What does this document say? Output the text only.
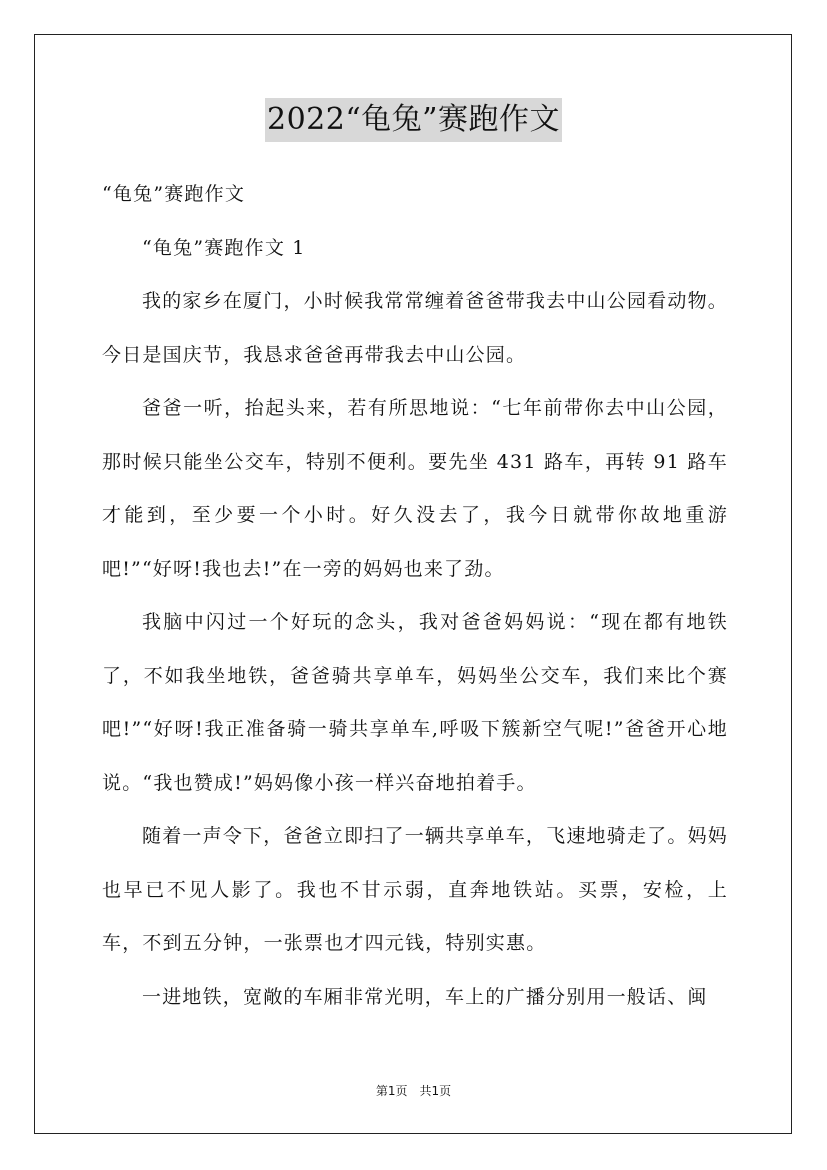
2022“龟兔”赛跑作文

“龟兔”赛跑作文

“龟兔”赛跑作文 1

我的家乡在厦门，小时候我常常缠着爸爸带我去中山公园看动物。今日是国庆节，我恳求爸爸再带我去中山公园。

爸爸一听，抬起头来，若有所思地说：“七年前带你去中山公园，那时候只能坐公交车，特别不便利。要先坐 431 路车，再转 91 路车才能到，至少要一个小时。好久没去了，我今日就带你故地重游吧!”“好呀!我也去!”在一旁的妈妈也来了劲。

我脑中闪过一个好玩的念头，我对爸爸妈妈说：“现在都有地铁了，不如我坐地铁，爸爸骑共享单车，妈妈坐公交车，我们来比个赛吧!”“好呀!我正准备骑一骑共享单车,呼吸下簇新空气呢!”爸爸开心地说。“我也赞成!”妈妈像小孩一样兴奋地拍着手。

随着一声令下，爸爸立即扫了一辆共享单车，飞速地骑走了。妈妈也早已不见人影了。我也不甘示弱，直奔地铁站。买票，安检，上车，不到五分钟，一张票也才四元钱，特别实惠。

一进地铁，宽敞的车厢非常光明，车上的广播分别用一般话、闽

第1页 共1页
